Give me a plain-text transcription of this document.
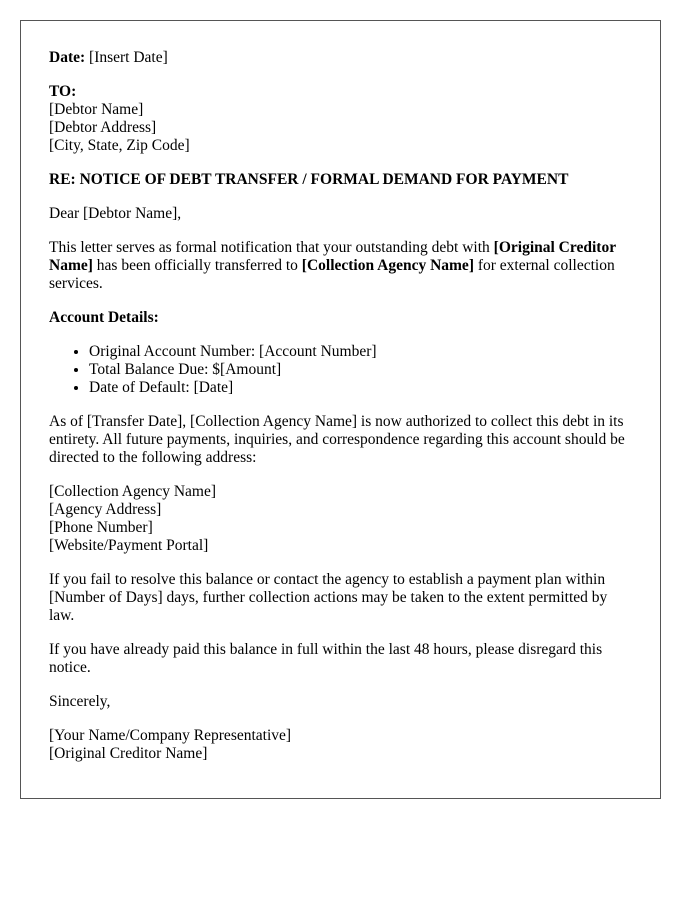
Date: [Insert Date]

TO:
[Debtor Name]
[Debtor Address]
[City, State, Zip Code]

RE: NOTICE OF DEBT TRANSFER / FORMAL DEMAND FOR PAYMENT

Dear [Debtor Name],

This letter serves as formal notification that your outstanding debt with [Original Creditor Name] has been officially transferred to [Collection Agency Name] for external collection services.

Account Details:

• Original Account Number: [Account Number]
• Total Balance Due: $[Amount]
• Date of Default: [Date]

As of [Transfer Date], [Collection Agency Name] is now authorized to collect this debt in its entirety. All future payments, inquiries, and correspondence regarding this account should be directed to the following address:

[Collection Agency Name]
[Agency Address]
[Phone Number]
[Website/Payment Portal]

If you fail to resolve this balance or contact the agency to establish a payment plan within [Number of Days] days, further collection actions may be taken to the extent permitted by law.

If you have already paid this balance in full within the last 48 hours, please disregard this notice.

Sincerely,

[Your Name/Company Representative]
[Original Creditor Name]
